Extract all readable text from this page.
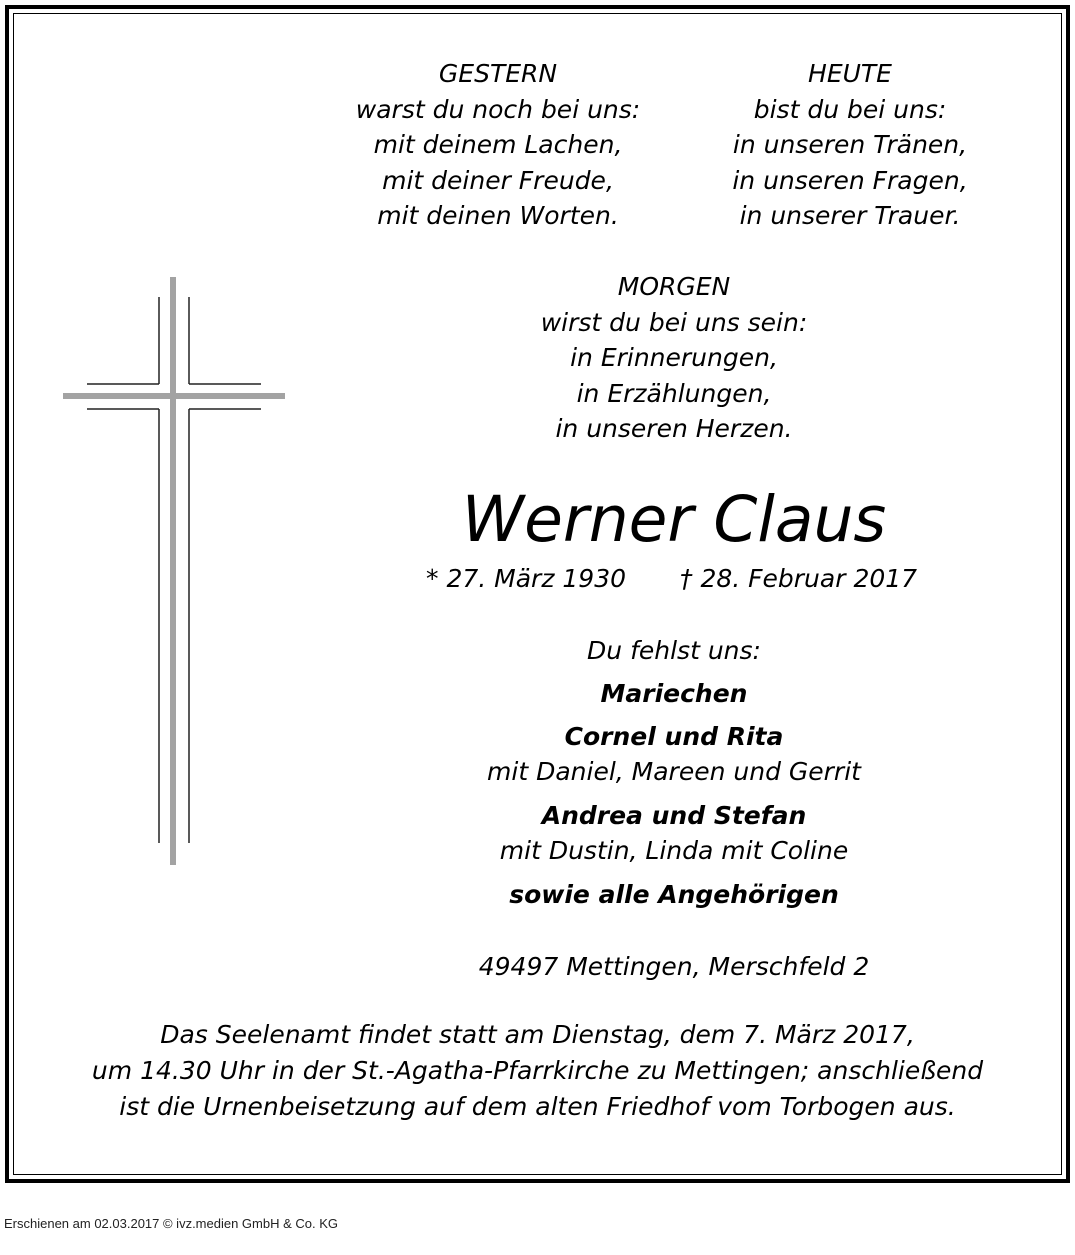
GESTERN
warst du noch bei uns:
mit deinem Lachen,
mit deiner Freude,
mit deinen Worten.
HEUTE
bist du bei uns:
in unseren Tränen,
in unseren Fragen,
in unserer Trauer.
MORGEN
wirst du bei uns sein:
in Erinnerungen,
in Erzählungen,
in unseren Herzen.
Werner Claus
* 27. März 1930 † 28. Februar 2017
Du fehlst uns:
Mariechen
Cornel und Rita
mit Daniel, Mareen und Gerrit
Andrea und Stefan
mit Dustin, Linda mit Coline
sowie alle Angehörigen
49497 Mettingen, Merschfeld 2
Das Seelenamt findet statt am Dienstag, dem 7. März 2017,
um 14.30 Uhr in der St.-Agatha-Pfarrkirche zu Mettingen; anschließend
ist die Urnenbeisetzung auf dem alten Friedhof vom Torbogen aus.
Erschienen am 02.03.2017 © ivz.medien GmbH & Co. KG
